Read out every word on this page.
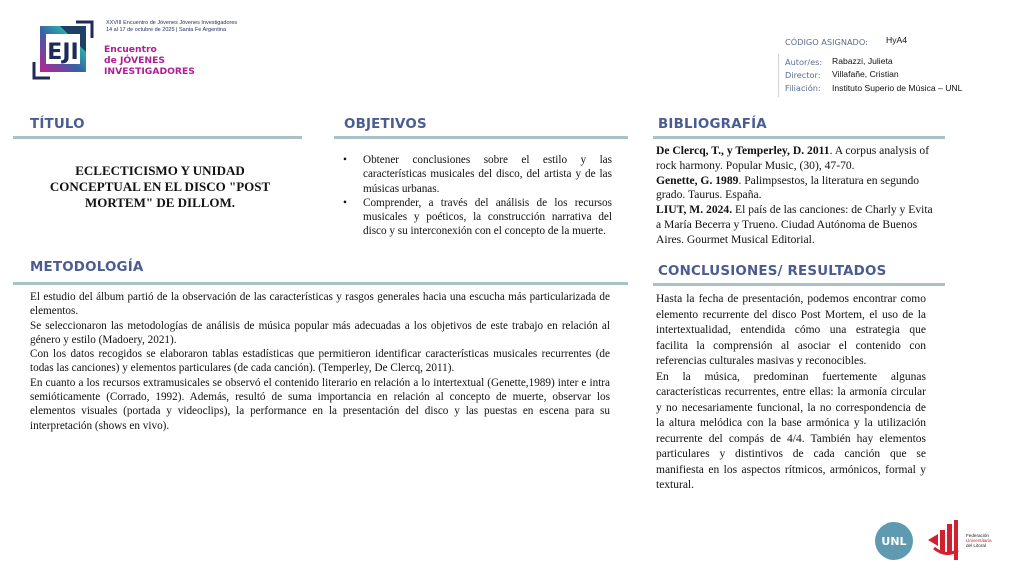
EJI
XXVIII Encuentro de Jóvenes Jóvenes Investigadores
14 al 17 de octubre de 2025 | Santa Fe Argentina
Encuentro
de JÓVENES
INVESTIGADORES
CÓDIGO ASIGNADO: HyA4
Autor/es: Rabazzi, Julieta
Director: Villafañe, Cristian
Filiación: Instituto Superio de Música – UNL
TÍTULO
ECLECTICISMO Y UNIDAD CONCEPTUAL EN EL DISCO "POST MORTEM" DE DILLOM.
OBJETIVOS
• Obtener conclusiones sobre el estilo y las características musicales del disco, del artista y de las músicas urbanas.
• Comprender, a través del análisis de los recursos musicales y poéticos, la construcción narrativa del disco y su interconexión con el concepto de la muerte.
BIBLIOGRAFÍA

De Clercq, T., y Temperley, D. 2011. A corpus analysis of rock harmony. Popular Music, (30), 47-70.

Genette, G. 1989. Palimpsestos, la literatura en segundo grado. Taurus. España.

LIUT, M. 2024. El país de las canciones: de Charly y Evita a María Becerra y Trueno. Ciudad Autónoma de Buenos Aires. Gourmet Musical Editorial.

METODOLOGÍA

El estudio del álbum partió de la observación de las características y rasgos generales hacia una escucha más particularizada de elementos.

Se seleccionaron las metodologías de análisis de música popular más adecuadas a los objetivos de este trabajo en relación al género y estilo (Madoery, 2021).

Con los datos recogidos se elaboraron tablas estadísticas que permitieron identificar características musicales recurrentes (de todas las canciones) y elementos particulares (de cada canción). (Temperley, De Clercq, 2011).

En cuanto a los recursos extramusicales se observó el contenido literario en relación a lo intertextual (Genette,1989) inter e intra semióticamente (Corrado, 1992). Además, resultó de suma importancia en relación al concepto de muerte, observar los elementos visuales (portada y videoclips), la performance en la presentación del disco y las puestas en escena para su interpretación (shows en vivo).

CONCLUSIONES/ RESULTADOS

Hasta la fecha de presentación, podemos encontrar como elemento recurrente del disco Post Mortem, el uso de la intertextualidad, entendida cómo una estrategia que facilita la comprensión al asociar el contenido con referencias culturales masivas y reconocibles.

En la música, predominan fuertemente algunas características recurrentes, entre ellas: la armonía circular y no necesariamente funcional, la no correspondencia de la altura melódica con la base armónica y la utilización recurrente del compás de 4/4. También hay elementos particulares y distintivos de cada canción que se manifiesta en los aspectos rítmicos, armónicos, formal y textural.

UNL	Federación
Universitaria
del Litoral
